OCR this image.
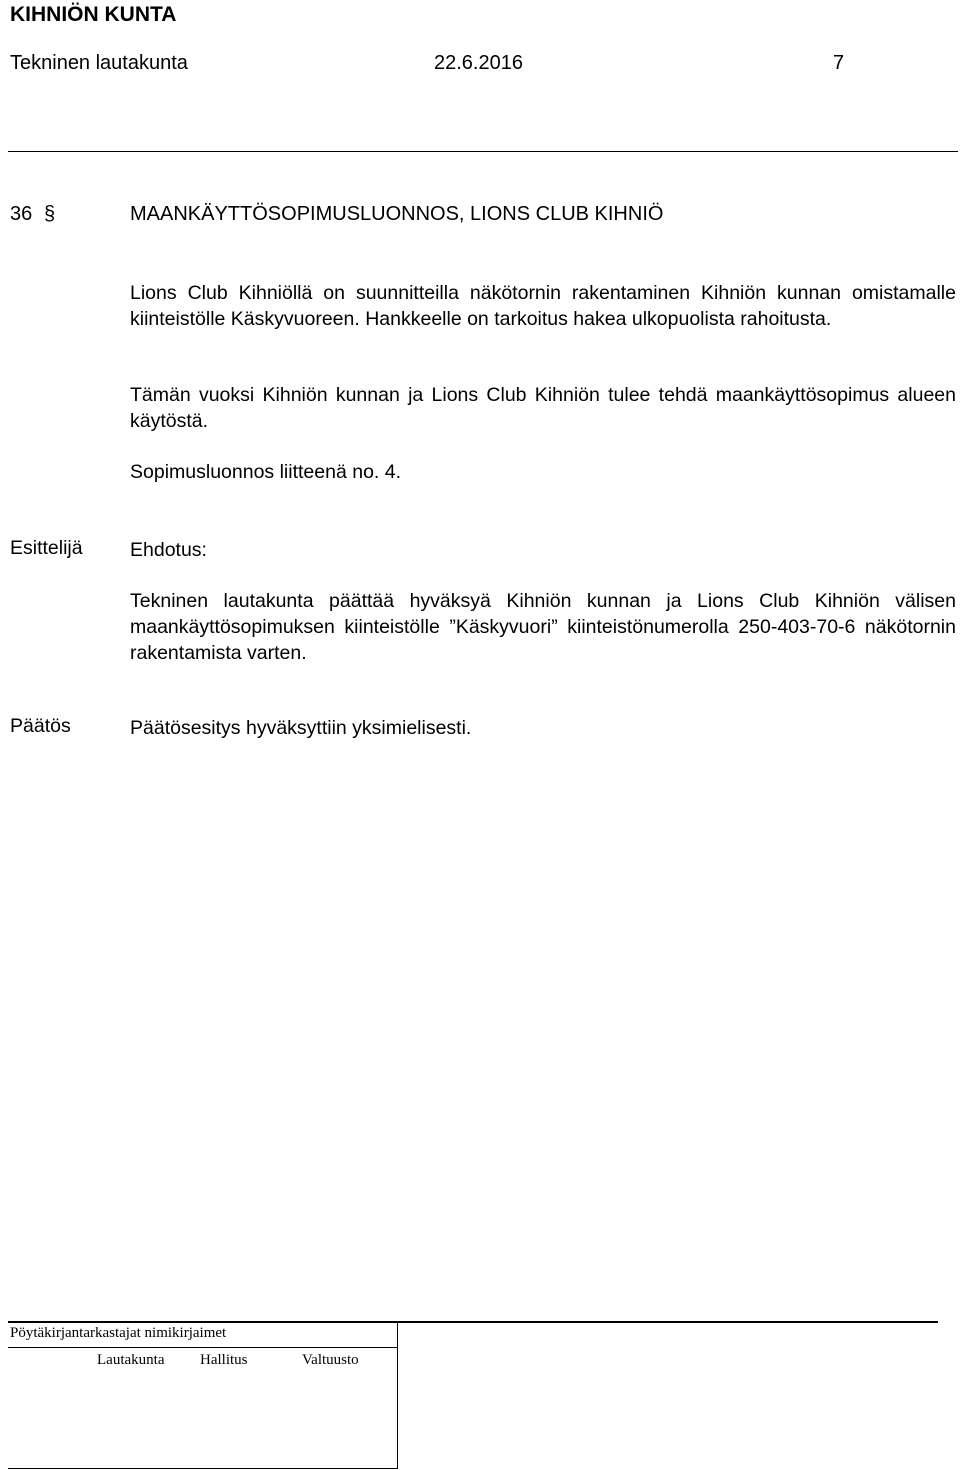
KIHNIÖN KUNTA
Tekninen lautakunta	22.6.2016	7
36 §	MAANKÄYTTÖSOPIMUSLUONNOS, LIONS CLUB KIHNIÖ
Lions Club Kihniöllä on suunnitteilla näkötornin rakentaminen Kihniön kunnan omistamalle kiinteistölle Käskyvuoreen. Hankkeelle on tarkoitus hakea ulkopuolista rahoitusta.
Tämän vuoksi Kihniön kunnan ja Lions Club Kihniön tulee tehdä maankäyttösopimus alueen käytöstä.
Sopimusluonnos liitteenä no. 4.
Esittelijä Ehdotus:
Tekninen lautakunta päättää hyväksyä Kihniön kunnan ja Lions Club Kihniön välisen maankäyttösopimuksen kiinteistölle ”Käskyvuori” kiinteistönumerolla 250-403-70-6 näkötornin rakentamista varten.
Päätös	Päätösesitys hyväksyttiin yksimielisesti.
Pöytäkirjantarkastajat nimikirjaimet
Lautakunta Hallitus	Valtuusto
